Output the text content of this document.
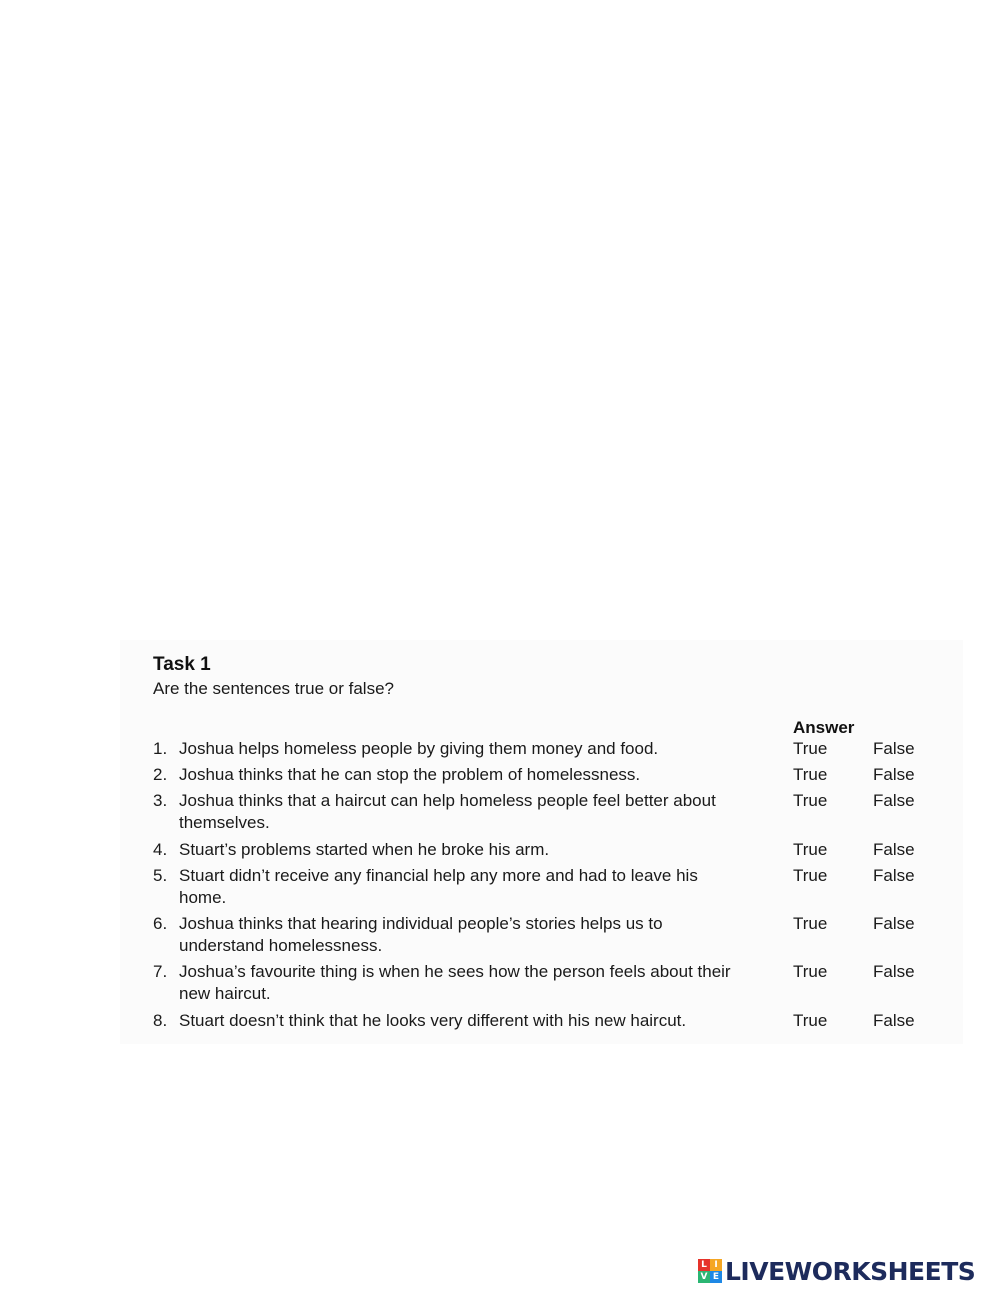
Task 1
Are the sentences true or false?
Answer
1. Joshua helps homeless people by giving them money and food.	True	False
2. Joshua thinks that he can stop the problem of homelessness.	True	False
3. Joshua thinks that a haircut can help homeless people feel better about
themselves.
True	False
4. Stuart’s problems started when he broke his arm.	True	False
5. Stuart didn’t receive any financial help any more and had to leave his
home.
True	False
6. Joshua thinks that hearing individual people’s stories helps us to
understand homelessness.
True	False
7. Joshua’s favourite thing is when he sees how the person feels about their
new haircut.
True	False
8. Stuart doesn’t think that he looks very different with his new haircut.	True	False
L I
V E LIVEWORKSHEETS
